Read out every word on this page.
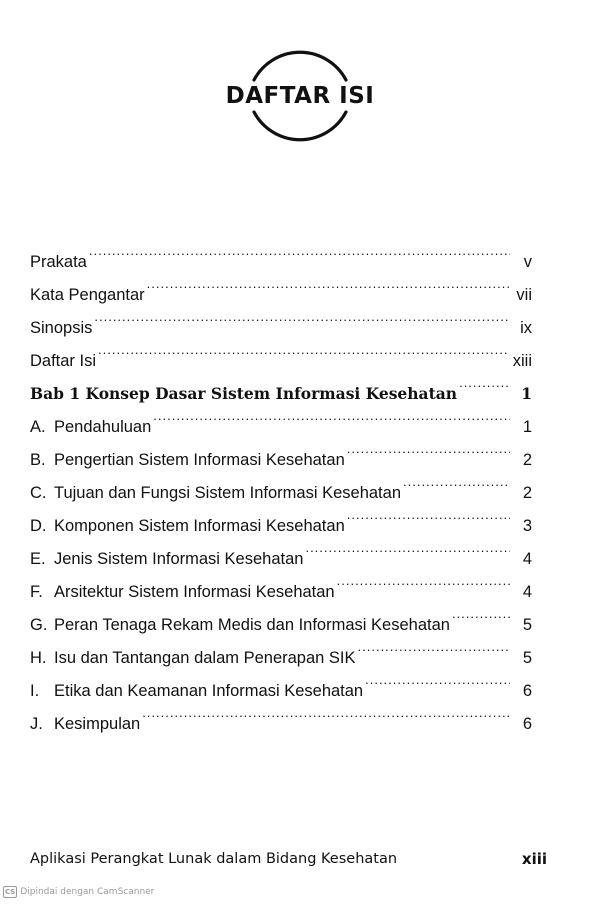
DAFTAR ISI
Prakata .....	v
Kata Pengantar .....	vii
Sinopsis .....	ix
Daftar Isi .....	xiii
Bab 1 Konsep Dasar Sistem Informasi Kesehatan .....	1
A. Pendahuluan .....	1
B. Pengertian Sistem Informasi Kesehatan .....	2
C. Tujuan dan Fungsi Sistem Informasi Kesehatan .....	2
D. Komponen Sistem Informasi Kesehatan .....	3
E. Jenis Sistem Informasi Kesehatan .....	4
F. Arsitektur Sistem Informasi Kesehatan .....	4
G. Peran Tenaga Rekam Medis dan Informasi Kesehatan .....	5
H. Isu dan Tantangan dalam Penerapan SIK .....	5
I. Etika dan Keamanan Informasi Kesehatan .....	6
J. Kesimpulan .....	6
Aplikasi Perangkat Lunak dalam Bidang Kesehatan	xiii
CS Dipindai dengan CamScanner
